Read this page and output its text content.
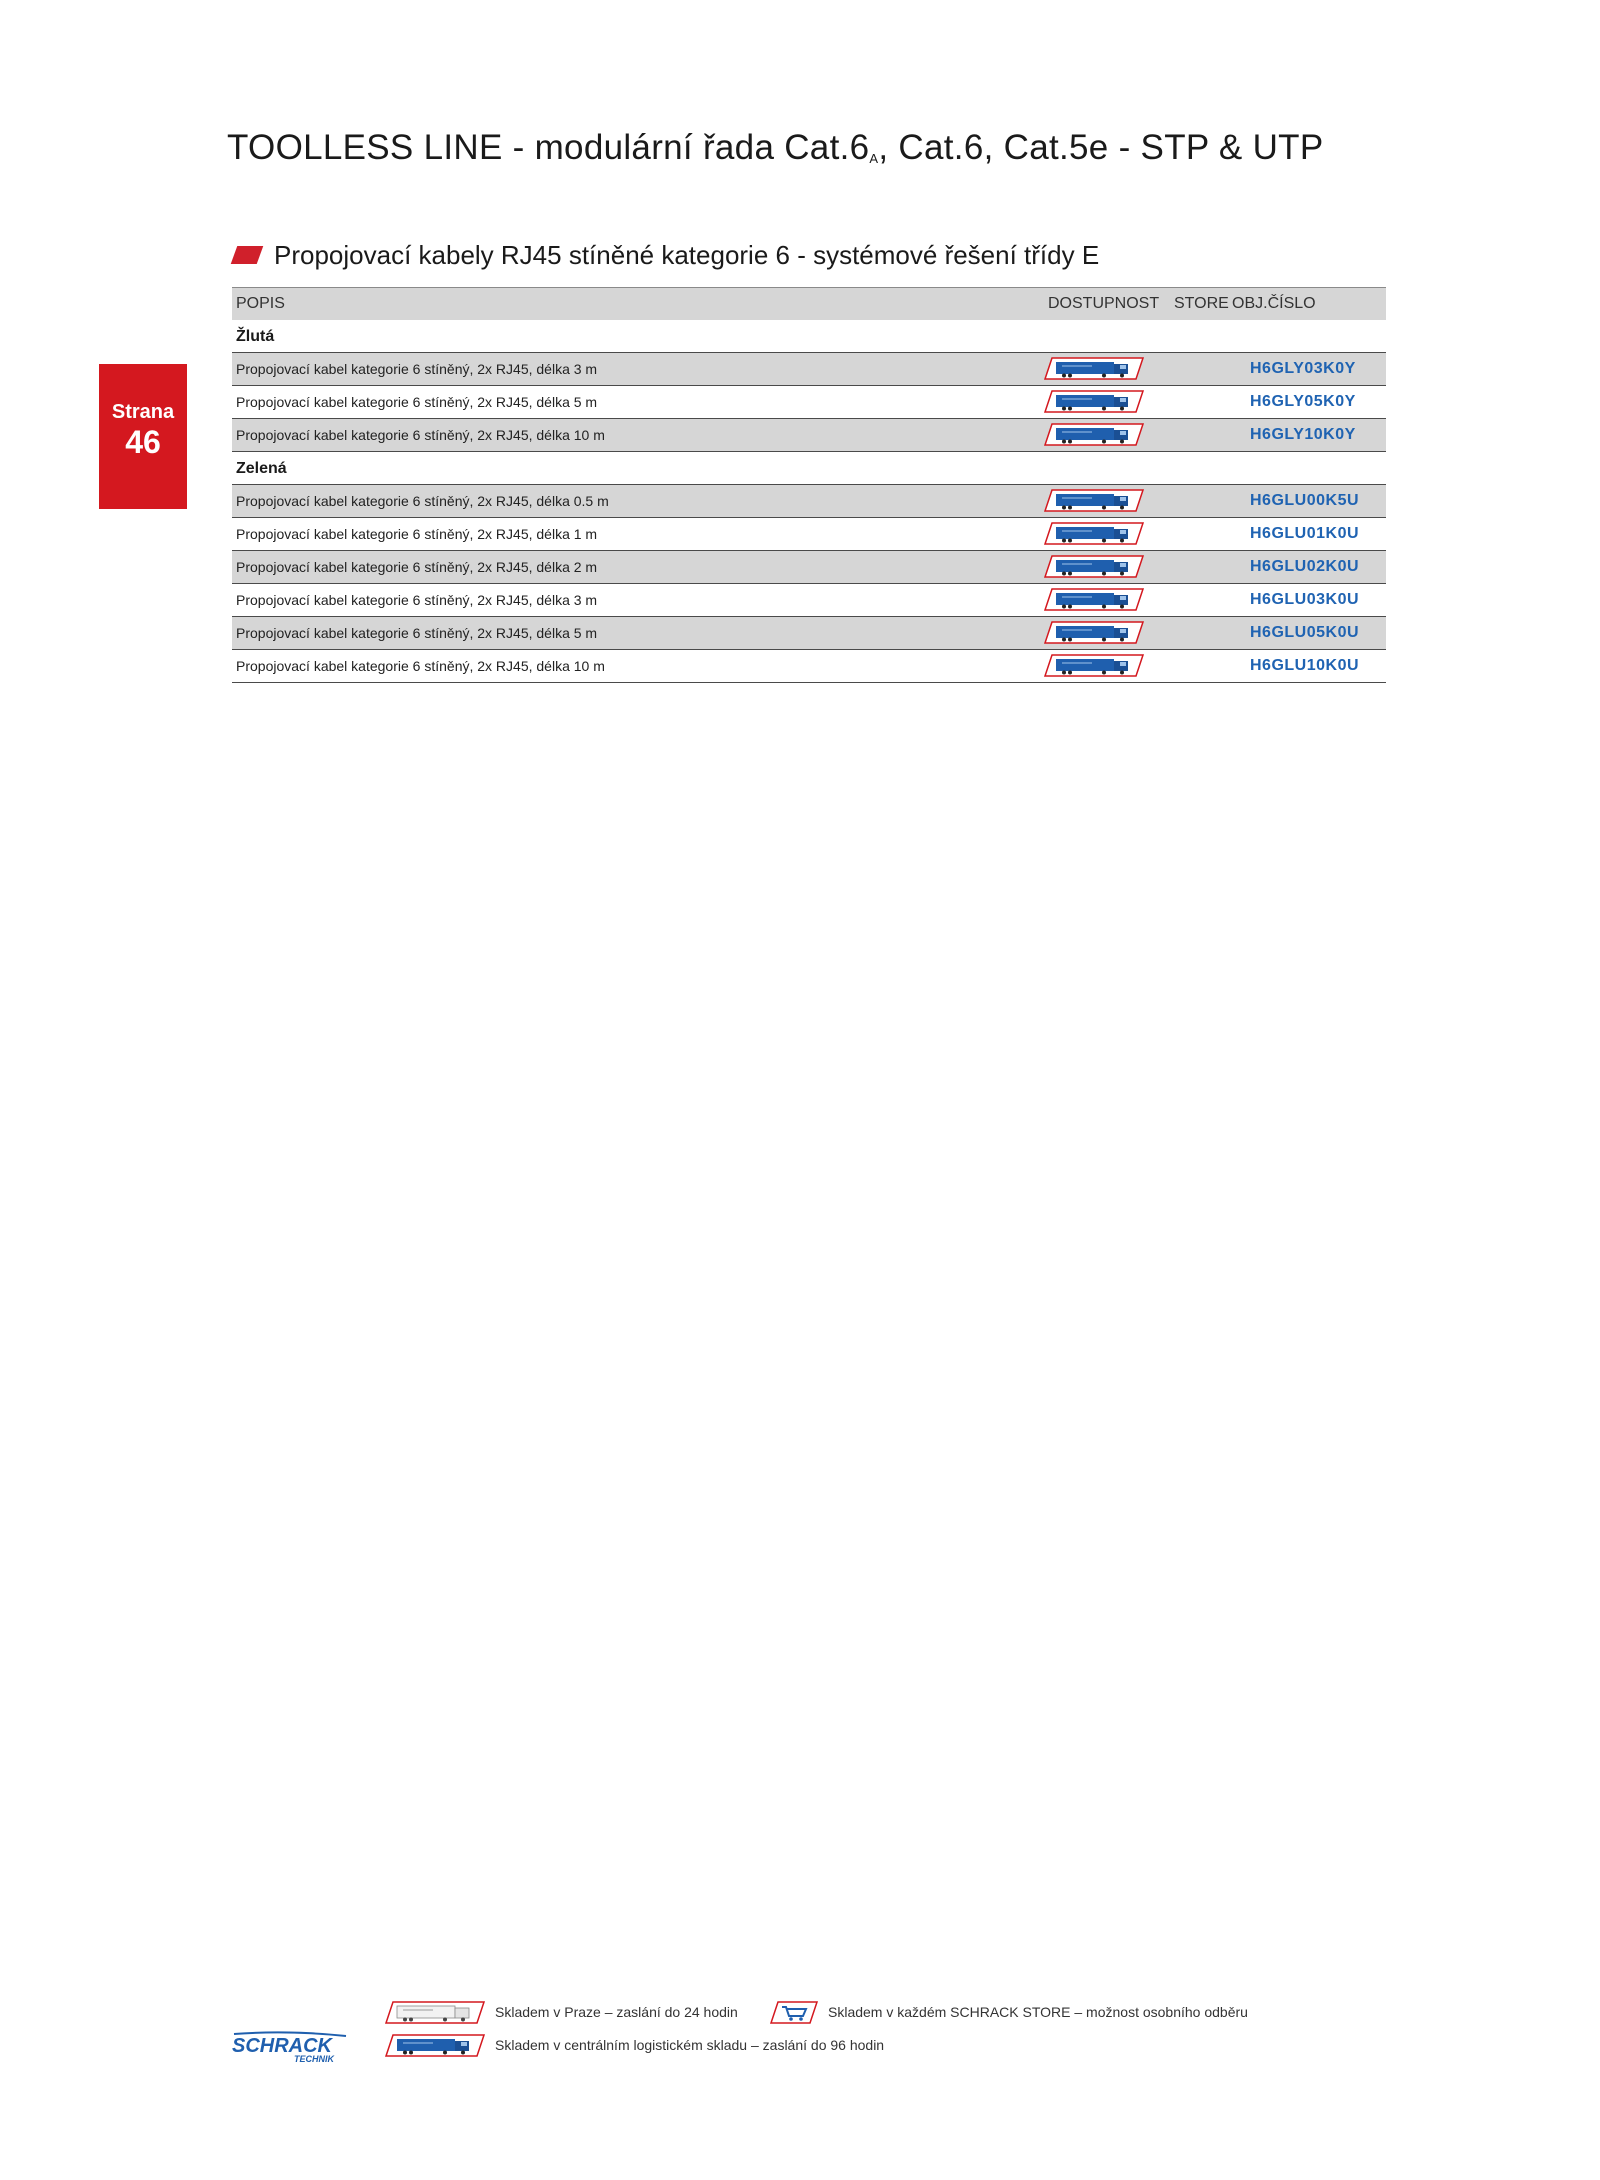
TOOLLESS LINE - modulární řada $Cat.6_A$, Cat.6, Cat.5e - STP & UTP
Strana
46
Propojovací kabely RJ45 stíněné kategorie 6 - systémové řešení třídy E
POPIS	DOSTUPNOST STORE OBJ.ČÍSLO
Žlutá
Propojovací kabel kategorie 6 stíněný, 2x RJ45, délka 3 m	H6GLY03K0Y
Propojovací kabel kategorie 6 stíněný, 2x RJ45, délka 5 m	H6GLY05K0Y
Propojovací kabel kategorie 6 stíněný, 2x RJ45, délka 10 m	H6GLY10K0Y
Zelená
Propojovací kabel kategorie 6 stíněný, 2x RJ45, délka 0.5 m	H6GLU00K5U
Propojovací kabel kategorie 6 stíněný, 2x RJ45, délka 1 m	H6GLU01K0U
Propojovací kabel kategorie 6 stíněný, 2x RJ45, délka 2 m	H6GLU02K0U
Propojovací kabel kategorie 6 stíněný, 2x RJ45, délka 3 m	H6GLU03K0U
Propojovací kabel kategorie 6 stíněný, 2x RJ45, délka 5 m	H6GLU05K0U
Propojovací kabel kategorie 6 stíněný, 2x RJ45, délka 10 m	H6GLU10K0U
Skladem v Praze – zaslání do 24 hodin	Skladem v každém SCHRACK STORE – možnost osobního odběru
Skladem v centrálním logistickém skladu – zaslání do 96 hodin
SCHRACK
TECHNIK
